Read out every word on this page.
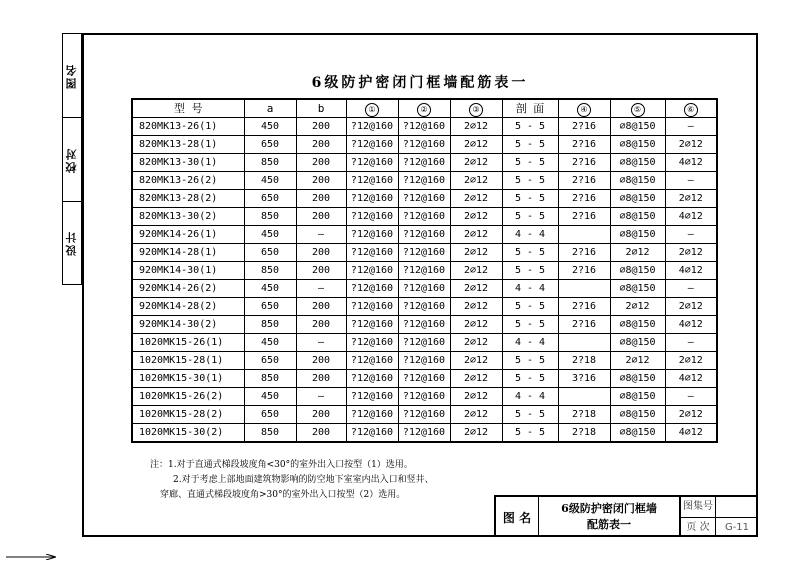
图名
校对
设计
6级防护密闭门框墙配筋表一
型 号	a	b	①	②	③	剖 面	④	⑤	⑥
820MK13-26(1)	450	200	?12@160	?12@160	2∅12	5 - 5	2?16	∅8@150	—
820MK13-28(1)	650	200	?12@160	?12@160	2∅12	5 - 5	2?16	∅8@150	2∅12
820MK13-30(1)	850	200	?12@160	?12@160	2∅12	5 - 5	2?16	∅8@150	4∅12
820MK13-26(2)	450	200	?12@160	?12@160	2∅12	5 - 5	2?16	∅8@150	—
820MK13-28(2)	650	200	?12@160	?12@160	2∅12	5 - 5	2?16	∅8@150	2∅12
820MK13-30(2)	850	200	?12@160	?12@160	2∅12	5 - 5	2?16	∅8@150	4∅12
920MK14-26(1)	450	—	?12@160	?12@160	2∅12	4 - 4		∅8@150	—
920MK14-28(1)	650	200	?12@160	?12@160	2∅12	5 - 5	2?16	2∅12	2∅12
920MK14-30(1)	850	200	?12@160	?12@160	2∅12	5 - 5	2?16	∅8@150	4∅12
920MK14-26(2)	450	—	?12@160	?12@160	2∅12	4 - 4		∅8@150	—
920MK14-28(2)	650	200	?12@160	?12@160	2∅12	5 - 5	2?16	2∅12	2∅12
920MK14-30(2)	850	200	?12@160	?12@160	2∅12	5 - 5	2?16	∅8@150	4∅12
1020MK15-26(1)	450	—	?12@160	?12@160	2∅12	4 - 4		∅8@150	—
1020MK15-28(1)	650	200	?12@160	?12@160	2∅12	5 - 5	2?18	2∅12	2∅12
1020MK15-30(1)	850	200	?12@160	?12@160	2∅12	5 - 5	3?16	∅8@150	4∅12
1020MK15-26(2)	450	—	?12@160	?12@160	2∅12	4 - 4		∅8@150	—
1020MK15-28(2)	650	200	?12@160	?12@160	2∅12	5 - 5	2?18	∅8@150	2∅12
1020MK15-30(2)	850	200	?12@160	?12@160	2∅12	5 - 5	2?18	∅8@150	4∅12
注：1.对于直通式梯段坡度角<30°的室外出入口按型（1）选用。
2.对于考虑上部地面建筑物影响的防空地下室室内出入口和竖井、
穿廊、直通式梯段坡度角>30°的室外出入口按型（2）选用。
图 名
6级防护密闭门框墙
配筋表一
图集号
页 次	G-11
